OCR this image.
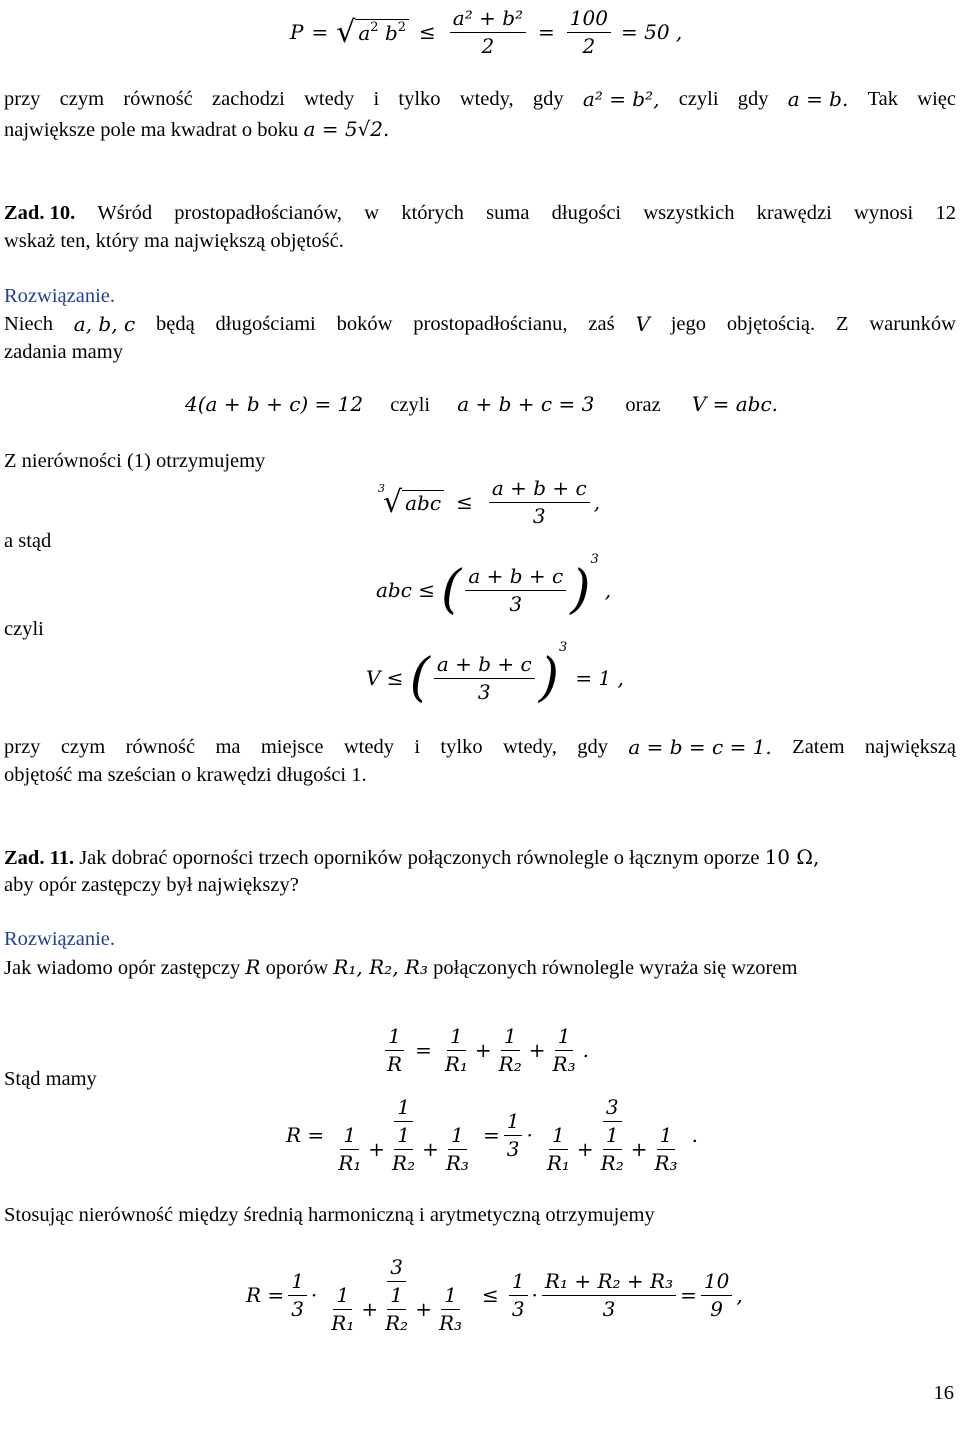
P = √ $a^2$ $b^2 \le \frac{\text{a² + b²}}{2} = \frac{100}{2} = 50$ ,
przy czym równość zachodzi wtedy i tylko wtedy, gdy a² = b², czyli gdy a = b. Tak więc
największe pole ma kwadrat o boku a = 5√2.
Zad. 10. Wśród prostopadłościanów, w których suma długości wszystkich krawędzi wynosi 12
wskaż ten, który ma największą objętość.
Rozwiązanie.
Niech a, b, c będą długościami boków prostopadłościanu, zaś V jego objętością. Z warunków
zadania mamy
4(a + b + c) = 12 czyli a + b + c = 3 oraz V = abc.
Z nierówności (1) otrzymujemy
3
√ abc ≤ $\frac{a + b + c}{3}$ ,
a stąd
abc ≤ ( $\frac{a + b + c}{3}$ )
3
,
czyli
V ≤ ( $\frac{a + b + c}{3}$ )
3
= 1 ,
przy czym równość ma miejsce wtedy i tylko wtedy, gdy a = b = c = 1. Zatem największą
objętość ma sześcian o krawędzi długości 1.
Zad. 11. Jak dobrać oporności trzech oporników połączonych równolegle o łącznym oporze 10 Ω,
aby opór zastępczy był największy?
Rozwiązanie.
Jak wiadomo opór zastępczy R oporów R₁, R₂, R₃ połączonych równolegle wyraża się wzorem
$\frac{1}{R} = \frac{1}{\text{R₁}} + \frac{1}{\text{R₂}} + \frac{1}{\text{R₃}}$ .
Stąd mamy
$R = \frac{1}{\frac{1}{\text{R₁}} + \frac{1}{\text{R₂}} + \frac{1}{\text{R₃}}} = \frac{1}{3} \cdot \frac{3}{\frac{1}{\text{R₁}} + \frac{1}{\text{R₂}} + \frac{1}{\text{R₃}}}$ .
Stosując nierówność między średnią harmoniczną i arytmetyczną otrzymujemy
$R = \frac{1}{3} \cdot \frac{3}{\frac{1}{\text{R₁}} + \frac{1}{\text{R₂}} + \frac{1}{\text{R₃}}} \le \frac{1}{3} \cdot \frac{\text{R₁ + R₂ + R₃}}{3} = \frac{10}{9}$ ,
16
